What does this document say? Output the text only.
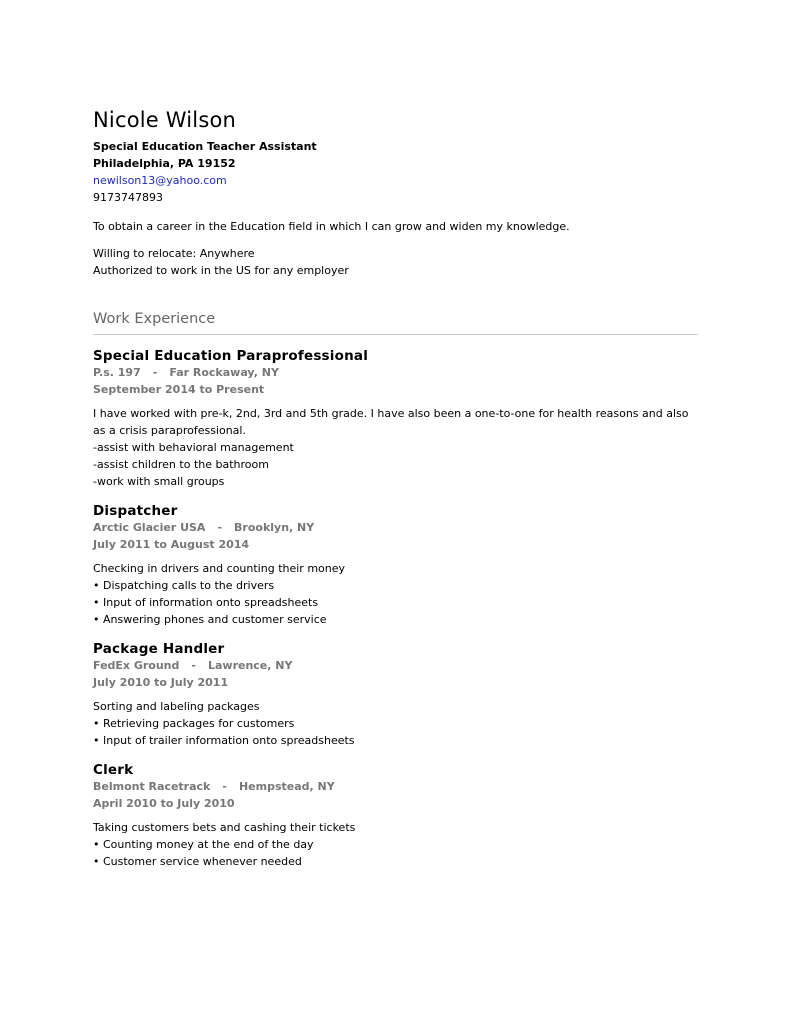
Nicole Wilson
Special Education Teacher Assistant
Philadelphia, PA 19152
newilson13@yahoo.com
9173747893
To obtain a career in the Education field in which I can grow and widen my knowledge.
Willing to relocate: Anywhere
Authorized to work in the US for any employer
Work Experience
Special Education Paraprofessional
P.s. 197 - Far Rockaway, NY
September 2014 to Present
I have worked with pre-k, 2nd, 3rd and 5th grade. I have also been a one-to-one for health reasons and also as a crisis paraprofessional.
-assist with behavioral management
-assist children to the bathroom
-work with small groups
Dispatcher
Arctic Glacier USA - Brooklyn, NY
July 2011 to August 2014
Checking in drivers and counting their money
• Dispatching calls to the drivers
• Input of information onto spreadsheets
• Answering phones and customer service
Package Handler
FedEx Ground - Lawrence, NY
July 2010 to July 2011
Sorting and labeling packages
• Retrieving packages for customers
• Input of trailer information onto spreadsheets
Clerk
Belmont Racetrack - Hempstead, NY
April 2010 to July 2010
Taking customers bets and cashing their tickets
• Counting money at the end of the day
• Customer service whenever needed
